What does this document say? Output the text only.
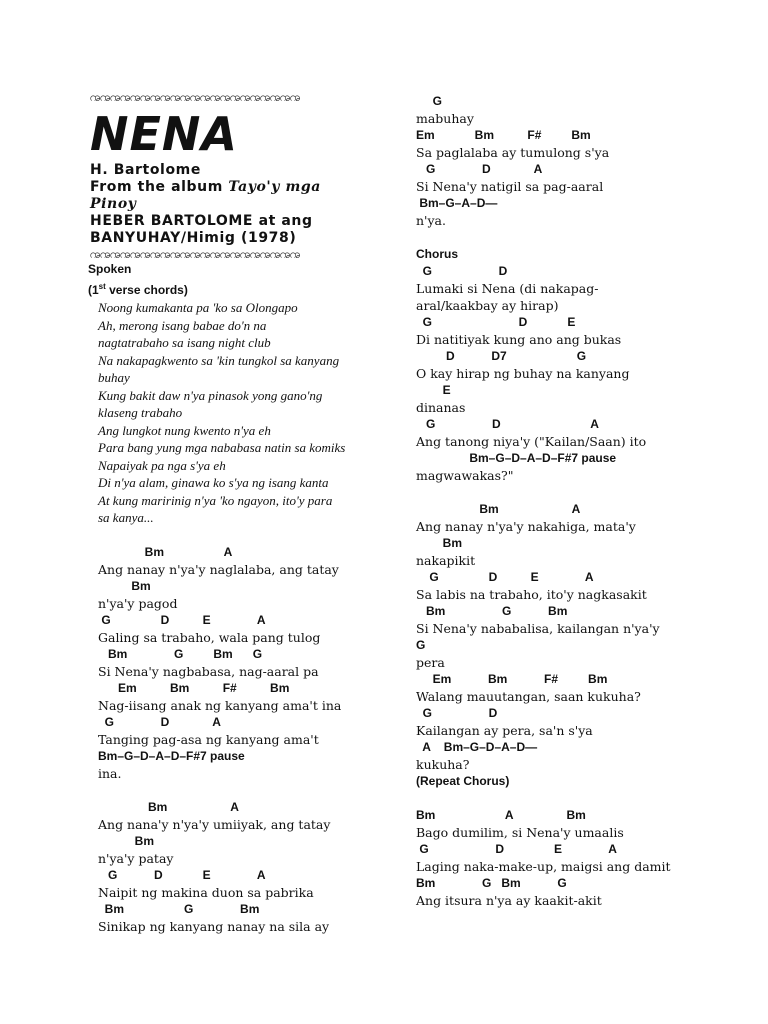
ꩠꩠꩠꩠꩠꩠꩠꩠꩠꩠꩠꩠꩠꩠꩠꩠꩠꩠꩠꩠꩠ
NENA
H. Bartolome
From the album Tayo'y mga
Pinoy
HEBER BARTOLOME at ang
BANYUHAY/Himig (1978)
ꩠꩠꩠꩠꩠꩠꩠꩠꩠꩠꩠꩠꩠꩠꩠꩠꩠꩠꩠꩠꩠ
Spoken
(1st verse chords)
Noong kumakanta pa 'ko sa Olongapo
Ah, merong isang babae do'n na
nagtatrabaho sa isang night club
Na nakapagkwento sa 'kin tungkol sa kanyang
buhay
Kung bakit daw n'ya pinasok yong gano'ng
klaseng trabaho
Ang lungkot nung kwento n'ya eh
Para bang yung mga nababasa natin sa komiks
Napaiyak pa nga s'ya eh
Di n'ya alam, ginawa ko s'ya ng isang kanta
At kung maririnig n'ya 'ko ngayon, ito'y para
sa kanya...
Bm                  A
Ang nanay n'ya'y naglalaba, ang tatay
Bm
n'ya'y pagod
G               D          E              A
Galing sa trabaho, wala pang tulog
Bm              G         Bm      G
Si Nena'y nagbabasa, nag-aaral pa
Em          Bm          F#          Bm
Nag-iisang anak ng kanyang ama't ina
G              D             A
Tanging pag-asa ng kanyang ama't
Bm–G–D–A–D–F#7 pause
ina.
Bm                   A
Ang nana'y n'ya'y umiiyak, ang tatay
Bm
n'ya'y patay
G           D            E              A
Naipit ng makina duon sa pabrika
Bm                  G              Bm
Sinikap ng kanyang nanay na sila ay
G
mabuhay
Em            Bm          F#         Bm
Sa paglalaba ay tumulong s'ya
G              D             A
Si Nena'y natigil sa pag-aaral
Bm–G–A–D—
n'ya.
Chorus
G                    D
Lumaki si Nena (di nakapag-
aral/kaakbay ay hirap)
G                          D            E
Di natitiyak kung ano ang bukas
D           D7                     G
O kay hirap ng buhay na kanyang
E
dinanas
G                 D                           A
Ang tanong niya'y ("Kailan/Saan) ito
Bm–G–D–A–D–F#7 pause
magwawakas?"
Bm                      A
Ang nanay n'ya'y nakahiga, mata'y
Bm
nakapikit
G               D          E              A
Sa labis na trabaho, ito'y nagkasakit
Bm                 G           Bm
Si Nena'y nababalisa, kailangan n'ya'y
G
pera
Em           Bm           F#         Bm
Walang mauutangan, saan kukuha?
G                 D
Kailangan ay pera, sa'n s'ya
A    Bm–G–D–A–D—
kukuha?
(Repeat Chorus)
Bm                     A                Bm
Bago dumilim, si Nena'y umaalis
G                    D               E              A
Laging naka-make-up, maigsi ang damit
Bm              G   Bm           G
Ang itsura n'ya ay kaakit-akit
